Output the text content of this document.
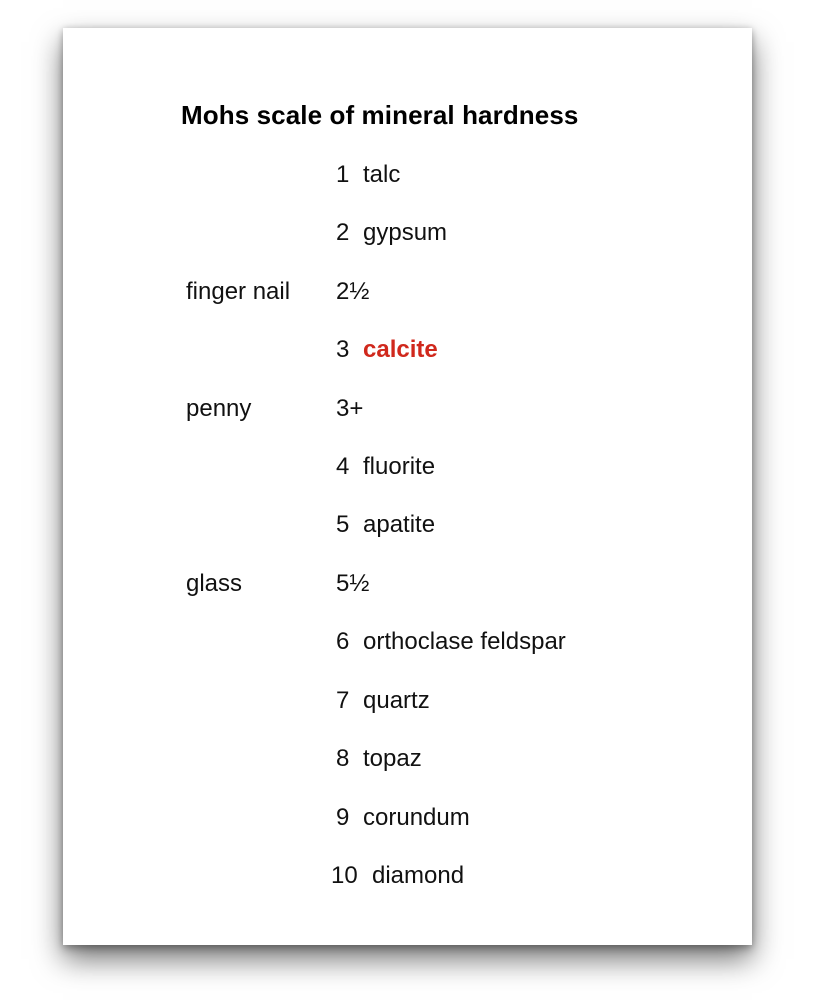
Mohs scale of mineral hardness
1 talc
2 gypsum
finger nail 2½
3 calcite
penny	3+
4 fluorite
5 apatite
glass	5½
6 orthoclase feldspar
7 quartz
8 topaz
9 corundum
10 diamond
